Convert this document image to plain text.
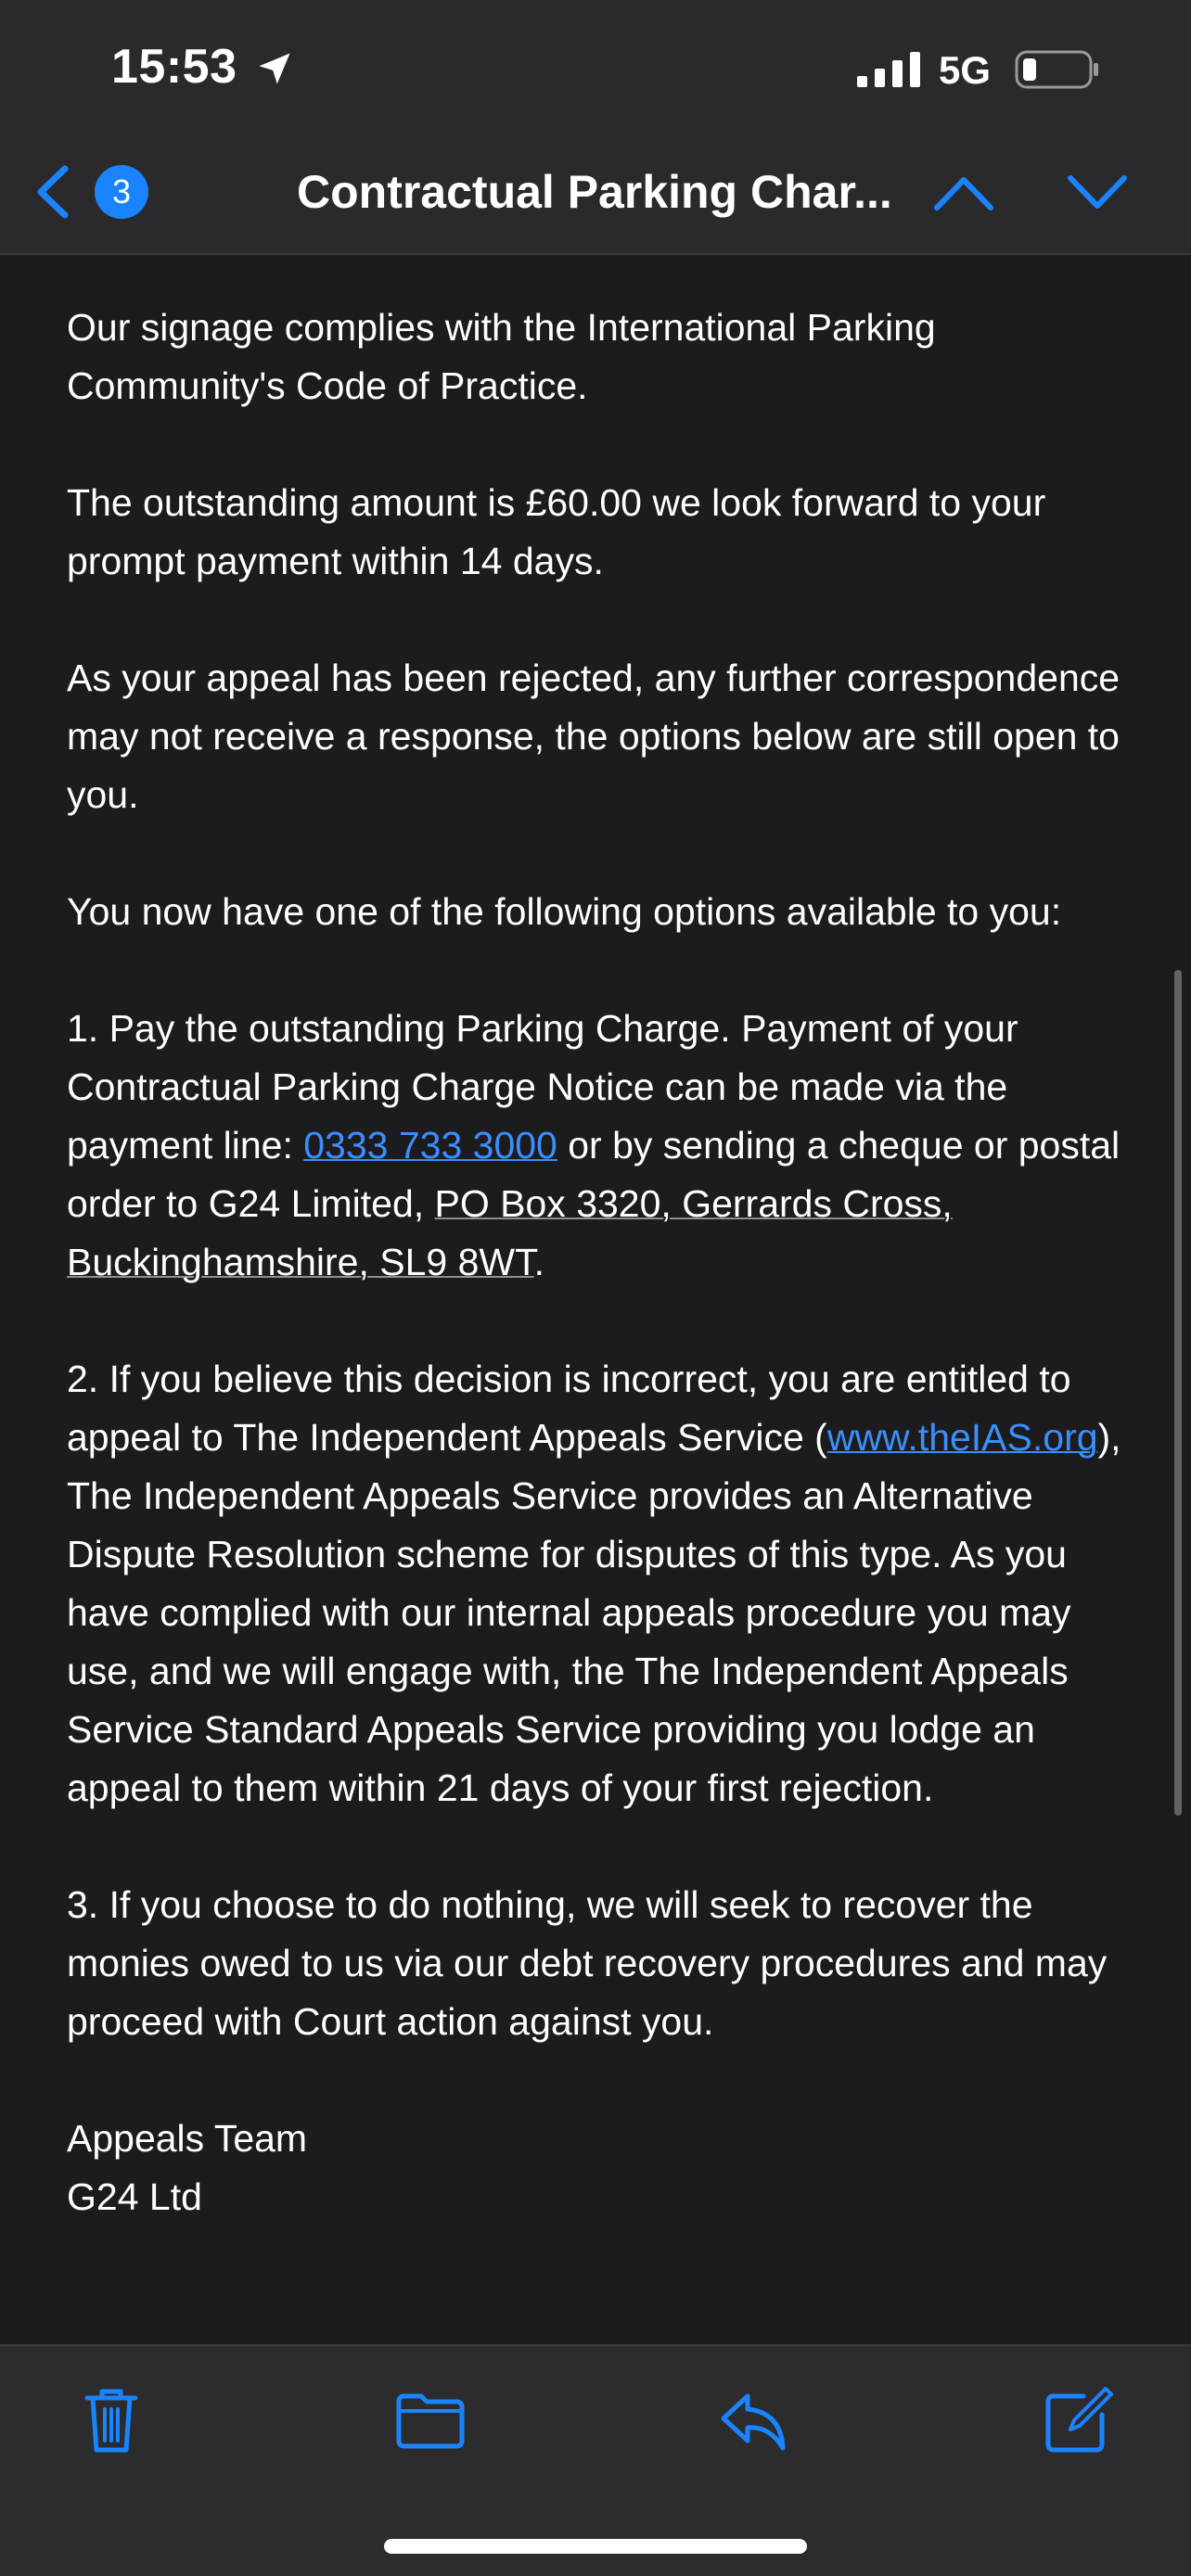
15:53	5G
3	Contractual Parking Char...

Our signage complies with the International Parking Community's Code of Practice.

The outstanding amount is £60.00 we look forward to your prompt payment within 14 days.

As your appeal has been rejected, any further correspondence may not receive a response, the options below are still open to you.

You now have one of the following options available to you:

1. Pay the outstanding Parking Charge. Payment of your Contractual Parking Charge Notice can be made via the payment line: 0333 733 3000 or by sending a cheque or postal order to G24 Limited, PO Box 3320, Gerrards Cross, Buckinghamshire, SL9 8WT.

2. If you believe this decision is incorrect, you are entitled to appeal to The Independent Appeals Service (www.theIAS.org), The Independent Appeals Service provides an Alternative Dispute Resolution scheme for disputes of this type. As you have complied with our internal appeals procedure you may use, and we will engage with, the The Independent Appeals Service Standard Appeals Service providing you lodge an appeal to them within 21 days of your first rejection.

3. If you choose to do nothing, we will seek to recover the monies owed to us via our debt recovery procedures and may proceed with Court action against you.

Appeals Team
G24 Ltd
